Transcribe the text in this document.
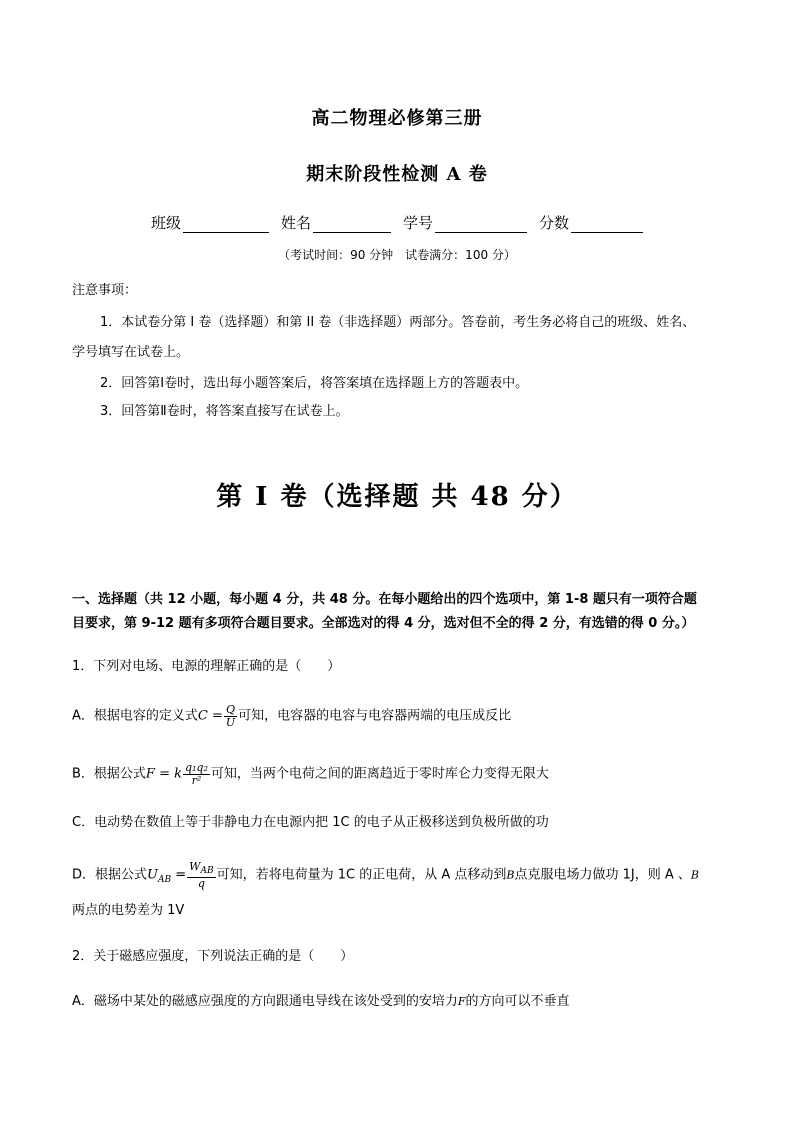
高二物理必修第三册
期末阶段性检测 A 卷
班级	姓名	学号	分数
（考试时间：90 分钟　试卷满分：100 分）
注意事项：
1．本试卷分第 I 卷（选择题）和第 II 卷（非选择题）两部分。答卷前，考生务必将自己的班级、姓名、
学号填写在试卷上。
2．回答第Ⅰ卷时，选出每小题答案后，将答案填在选择题上方的答题表中。
3．回答第Ⅱ卷时，将答案直接写在试卷上。
第 I 卷（选择题 共 48 分）
一、选择题（共 12 小题，每小题 4 分，共 48 分。在每小题给出的四个选项中，第 1-8 题只有一项符合题
目要求，第 9-12 题有多项符合题目要求。全部选对的得 4 分，选对但不全的得 2 分，有选错的得 0 分。）
1．下列对电场、电源的理解正确的是（　　）
A．根据电容的定义式$C = \frac{Q}{U}$ 可知，电容器的电容与电容器两端的电压成反比
B．根据公式F = k $\frac{\text{q₁q₂}}{\text{r²}}$ 可知，当两个电荷之间的距离趋近于零时库仑力变得无限大
C．电动势在数值上等于非静电力在电源内把 1C 的电子从正极移送到负极所做的功
D．根据公式$U_{AB} = \frac{W_{AB}}{q}$ 可知，若将电荷量为 1C 的正电荷，从 A 点移动到B点克服电场力做功 1J，则 A 、B
两点的电势差为 1V
2．关于磁感应强度，下列说法正确的是（　　）
A．磁场中某处的磁感应强度的方向跟通电导线在该处受到的安培力F的方向可以不垂直
